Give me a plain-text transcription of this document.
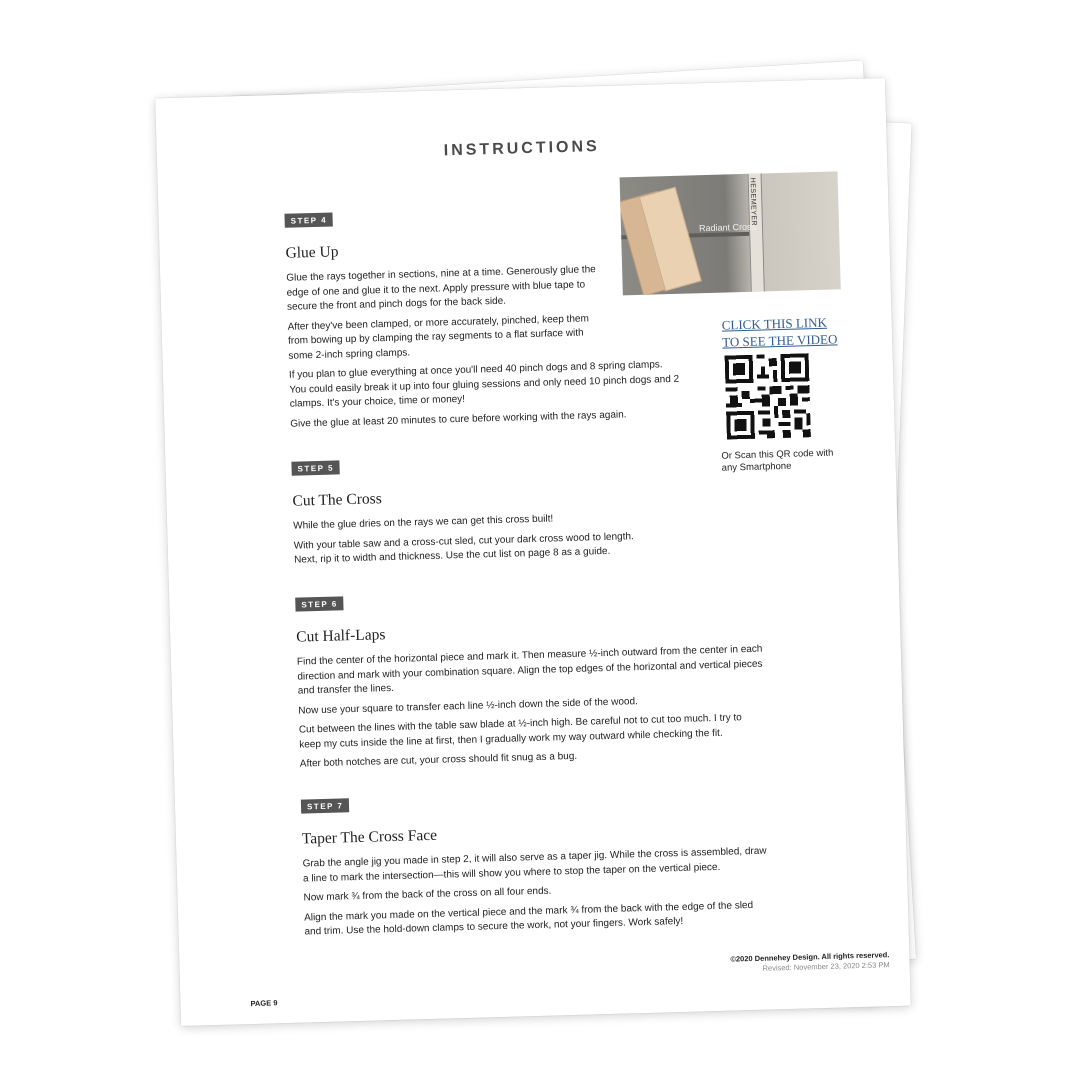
INSTRUCTIONS
STEP 4
Glue Up

Glue the rays together in sections, nine at a time. Generously glue the edge of one and glue it to the next. Apply pressure with blue tape to secure the front and pinch dogs for the back side.

After they've been clamped, or more accurately, pinched, keep them from bowing up by clamping the ray segments to a flat surface with some 2-inch spring clamps.

If you plan to glue everything at once you'll need 40 pinch dogs and 8 spring clamps. You could easily break it up into four gluing sessions and only need 10 pinch dogs and 2 clamps. It's your choice, time or money!

Give the glue at least 20 minutes to cure before working with the rays again.

STEP 5
Cut The Cross

While the glue dries on the rays we can get this cross built!

With your table saw and a cross-cut sled, cut your dark cross wood to length. Next, rip it to width and thickness. Use the cut list on page 8 as a guide.

STEP 6
Cut Half-Laps

Find the center of the horizontal piece and mark it. Then measure ½-inch outward from the center in each direction and mark with your combination square. Align the top edges of the horizontal and vertical pieces and transfer the lines.

Now use your square to transfer each line ½-inch down the side of the wood.

Cut between the lines with the table saw blade at ½-inch high. Be careful not to cut too much. I try to keep my cuts inside the line at first, then I gradually work my way outward while checking the fit.

After both notches are cut, your cross should fit snug as a bug.

STEP 7
Taper The Cross Face

Grab the angle jig you made in step 2, it will also serve as a taper jig. While the cross is assembled, draw a line to mark the intersection—this will show you where to stop the taper on the vertical piece.

Now mark ¾ from the back of the cross on all four ends.

Align the mark you made on the vertical piece and the mark ¾ from the back with the edge of the sled and trim. Use the hold-down clamps to secure the work, not your fingers. Work safely!

HESEMEYER
Radiant Cross
CLICK THIS LINK
TO SEE THE VIDEO
Or Scan this QR code with any Smartphone
PAGE 9
©2020 Dennehey Design. All rights reserved.
Revised: November 23, 2020 2:53 PM
